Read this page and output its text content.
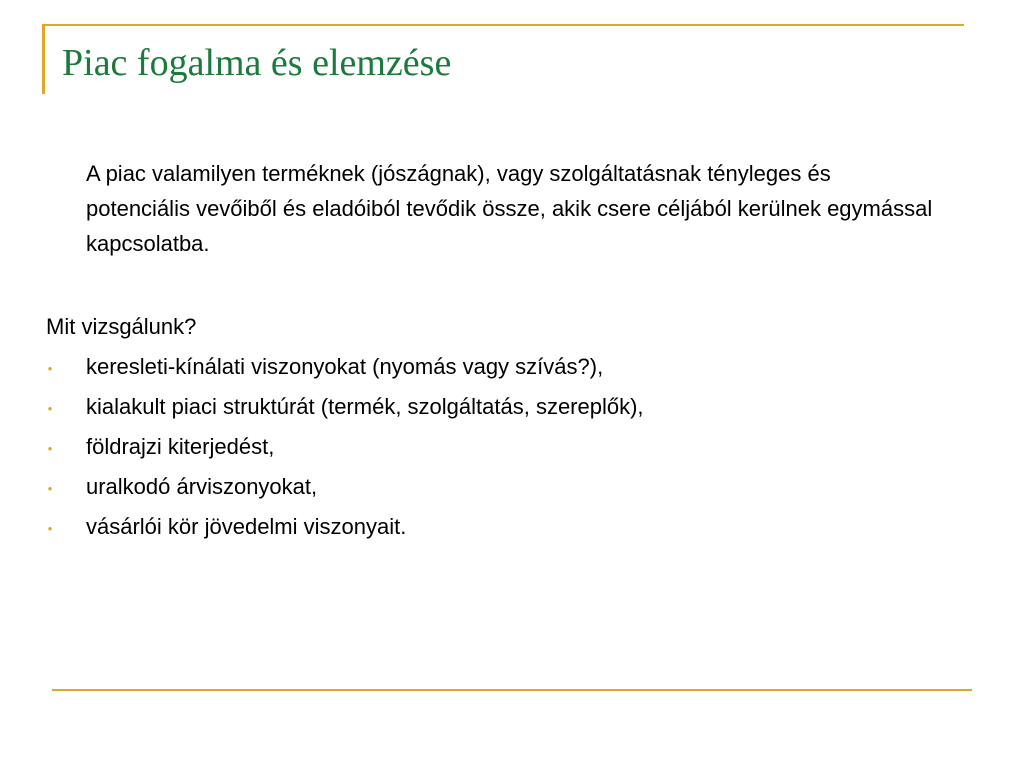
Piac fogalma és elemzése

A piac valamilyen terméknek (jószágnak), vagy szolgáltatásnak tényleges és potenciális vevőiből és eladóiból tevődik össze, akik csere céljából kerülnek egymással kapcsolatba.

Mit vizsgálunk?

• keresleti-kínálati viszonyokat (nyomás vagy szívás?),
• kialakult piaci struktúrát (termék, szolgáltatás, szereplők),
• földrajzi kiterjedést,
• uralkodó árviszonyokat,
• vásárlói kör jövedelmi viszonyait.
